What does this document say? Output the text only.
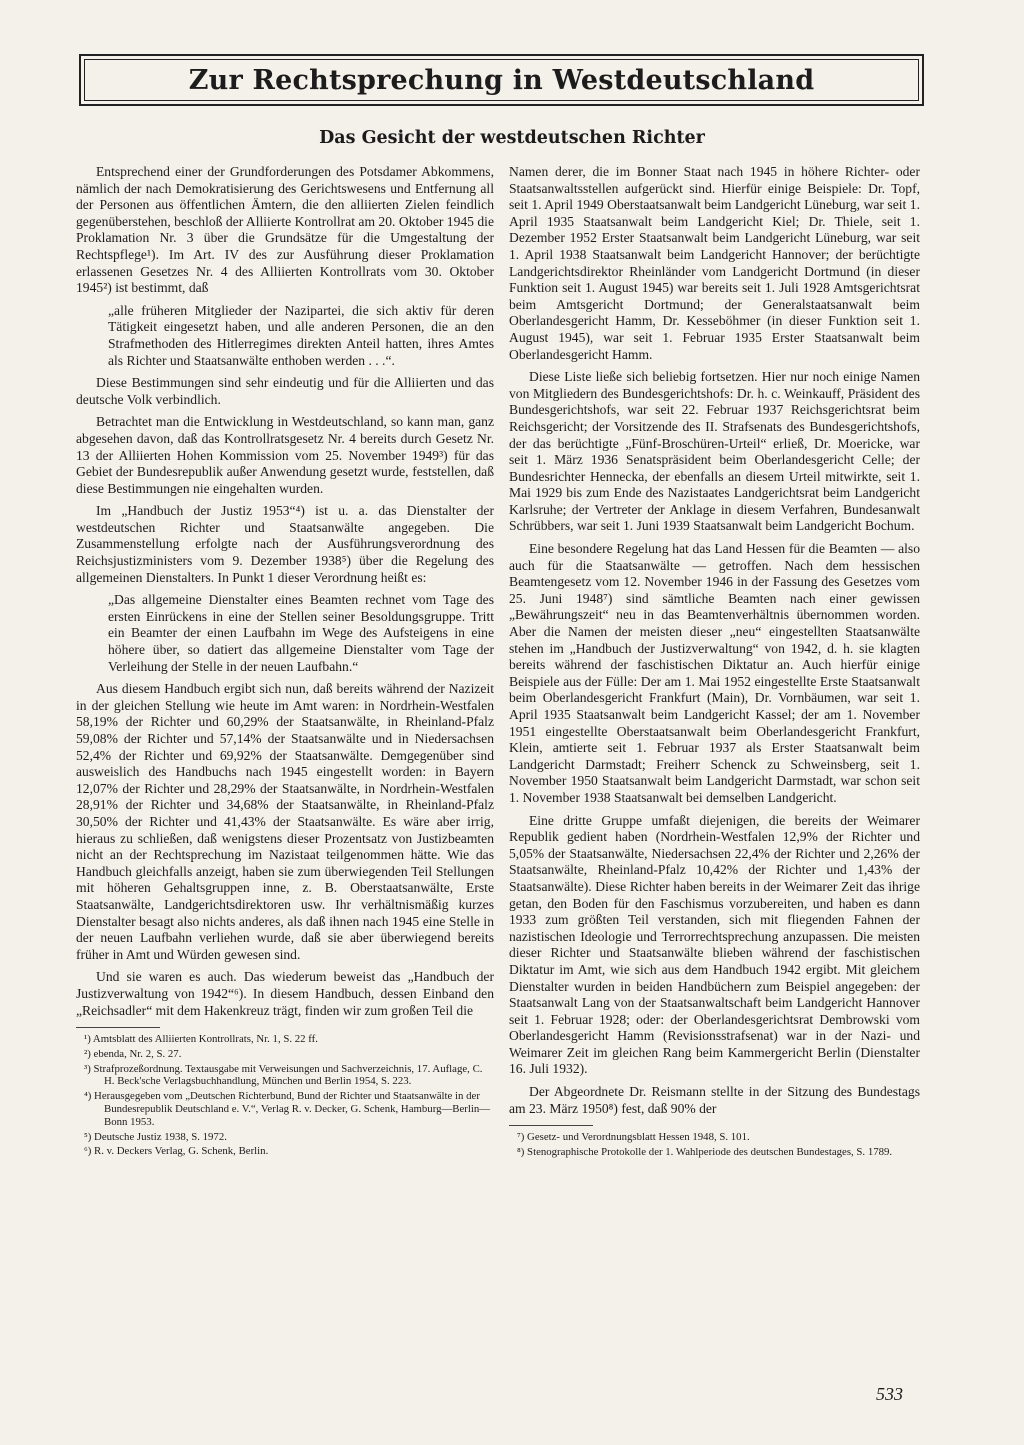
Zur Rechtsprechung in Westdeutschland
Das Gesicht der westdeutschen Richter

Entsprechend einer der Grundforderungen des Potsdamer Abkommens, nämlich der nach Demokratisierung des Gerichtswesens und Entfernung all der Personen aus öffentlichen Ämtern, die den alliierten Zielen feindlich gegenüberstehen, beschloß der Alliierte Kontrollrat am 20. Oktober 1945 die Proklamation Nr. 3 über die Grundsätze für die Umgestaltung der Rechtspflege¹). Im Art. IV des zur Ausführung dieser Proklamation erlassenen Gesetzes Nr. 4 des Alliierten Kontrollrats vom 30. Oktober 1945²) ist bestimmt, daß

„alle früheren Mitglieder der Nazipartei, die sich aktiv für deren Tätigkeit eingesetzt haben, und alle anderen Personen, die an den Strafmethoden des Hitlerregimes direkten Anteil hatten, ihres Amtes als Richter und Staatsanwälte enthoben werden . . .“.

Diese Bestimmungen sind sehr eindeutig und für die Alliierten und das deutsche Volk verbindlich.

Betrachtet man die Entwicklung in Westdeutschland, so kann man, ganz abgesehen davon, daß das Kontrollratsgesetz Nr. 4 bereits durch Gesetz Nr. 13 der Alliierten Hohen Kommission vom 25. November 1949³) für das Gebiet der Bundesrepublik außer Anwendung gesetzt wurde, feststellen, daß diese Bestimmungen nie eingehalten wurden.

Im „Handbuch der Justiz 1953“⁴) ist u. a. das Dienstalter der westdeutschen Richter und Staatsanwälte angegeben. Die Zusammenstellung erfolgte nach der Ausführungsverordnung des Reichsjustizministers vom 9. Dezember 1938⁵) über die Regelung des allgemeinen Dienstalters. In Punkt 1 dieser Verordnung heißt es:

„Das allgemeine Dienstalter eines Beamten rechnet vom Tage des ersten Einrückens in eine der Stellen seiner Besoldungsgruppe. Tritt ein Beamter der einen Laufbahn im Wege des Aufsteigens in eine höhere über, so datiert das allgemeine Dienstalter vom Tage der Verleihung der Stelle in der neuen Laufbahn.“

Aus diesem Handbuch ergibt sich nun, daß bereits während der Nazizeit in der gleichen Stellung wie heute im Amt waren: in Nordrhein-Westfalen 58,19% der Richter und 60,29% der Staatsanwälte, in Rheinland-Pfalz 59,08% der Richter und 57,14% der Staatsanwälte und in Niedersachsen 52,4% der Richter und 69,92% der Staatsanwälte. Demgegenüber sind ausweislich des Handbuchs nach 1945 eingestellt worden: in Bayern 12,07% der Richter und 28,29% der Staatsanwälte, in Nordrhein-Westfalen 28,91% der Richter und 34,68% der Staatsanwälte, in Rheinland-Pfalz 30,50% der Richter und 41,43% der Staatsanwälte. Es wäre aber irrig, hieraus zu schließen, daß wenigstens dieser Prozentsatz von Justizbeamten nicht an der Rechtsprechung im Nazistaat teilgenommen hätte. Wie das Handbuch gleichfalls anzeigt, haben sie zum überwiegenden Teil Stellungen mit höheren Gehaltsgruppen inne, z. B. Oberstaatsanwälte, Erste Staatsanwälte, Landgerichtsdirektoren usw. Ihr verhältnismäßig kurzes Dienstalter besagt also nichts anderes, als daß ihnen nach 1945 eine Stelle in der neuen Laufbahn verliehen wurde, daß sie aber überwiegend bereits früher in Amt und Würden gewesen sind.

Und sie waren es auch. Das wiederum beweist das „Handbuch der Justizverwaltung von 1942“⁶). In diesem Handbuch, dessen Einband den „Reichsadler“ mit dem Hakenkreuz trägt, finden wir zum großen Teil die

¹) Amtsblatt des Alliierten Kontrollrats, Nr. 1, S. 22 ff.
²) ebenda, Nr. 2, S. 27.
³) Strafprozeßordnung. Textausgabe mit Verweisungen und Sachverzeichnis, 17. Auflage, C. H. Beck'sche Verlagsbuchhandlung, München und Berlin 1954, S. 223.
⁴) Herausgegeben vom „Deutschen Richterbund, Bund der Richter und Staatsanwälte in der Bundesrepublik Deutschland e. V.“, Verlag R. v. Decker, G. Schenk, Hamburg—Berlin—Bonn 1953.
⁵) Deutsche Justiz 1938, S. 1972.
⁶) R. v. Deckers Verlag, G. Schenk, Berlin.

Namen derer, die im Bonner Staat nach 1945 in höhere Richter- oder Staatsanwaltsstellen aufgerückt sind. Hierfür einige Beispiele: Dr. Topf, seit 1. April 1949 Oberstaatsanwalt beim Landgericht Lüneburg, war seit 1. April 1935 Staatsanwalt beim Landgericht Kiel; Dr. Thiele, seit 1. Dezember 1952 Erster Staatsanwalt beim Landgericht Lüneburg, war seit 1. April 1938 Staatsanwalt beim Landgericht Hannover; der berüchtigte Landgerichtsdirektor Rheinländer vom Landgericht Dortmund (in dieser Funktion seit 1. August 1945) war bereits seit 1. Juli 1928 Amtsgerichtsrat beim Amtsgericht Dortmund; der Generalstaatsanwalt beim Oberlandesgericht Hamm, Dr. Kesseböhmer (in dieser Funktion seit 1. August 1945), war seit 1. Februar 1935 Erster Staatsanwalt beim Oberlandesgericht Hamm.

Diese Liste ließe sich beliebig fortsetzen. Hier nur noch einige Namen von Mitgliedern des Bundesgerichtshofs: Dr. h. c. Weinkauff, Präsident des Bundesgerichtshofs, war seit 22. Februar 1937 Reichsgerichtsrat beim Reichsgericht; der Vorsitzende des II. Strafsenats des Bundesgerichtshofs, der das berüchtigte „Fünf-Broschüren-Urteil“ erließ, Dr. Moericke, war seit 1. März 1936 Senatspräsident beim Oberlandesgericht Celle; der Bundesrichter Hennecka, der ebenfalls an diesem Urteil mitwirkte, seit 1. Mai 1929 bis zum Ende des Nazistaates Landgerichtsrat beim Landgericht Karlsruhe; der Vertreter der Anklage in diesem Verfahren, Bundesanwalt Schrübbers, war seit 1. Juni 1939 Staatsanwalt beim Landgericht Bochum.

Eine besondere Regelung hat das Land Hessen für die Beamten — also auch für die Staatsanwälte — getroffen. Nach dem hessischen Beamtengesetz vom 12. November 1946 in der Fassung des Gesetzes vom 25. Juni 1948⁷) sind sämtliche Beamten nach einer gewissen „Bewährungszeit“ neu in das Beamtenverhältnis übernommen worden. Aber die Namen der meisten dieser „neu“ eingestellten Staatsanwälte stehen im „Handbuch der Justizverwaltung“ von 1942, d. h. sie klagten bereits während der faschistischen Diktatur an. Auch hierfür einige Beispiele aus der Fülle: Der am 1. Mai 1952 eingestellte Erste Staatsanwalt beim Oberlandesgericht Frankfurt (Main), Dr. Vornbäumen, war seit 1. April 1935 Staatsanwalt beim Landgericht Kassel; der am 1. November 1951 eingestellte Oberstaatsanwalt beim Oberlandesgericht Frankfurt, Klein, amtierte seit 1. Februar 1937 als Erster Staatsanwalt beim Landgericht Darmstadt; Freiherr Schenck zu Schweinsberg, seit 1. November 1950 Staatsanwalt beim Landgericht Darmstadt, war schon seit 1. November 1938 Staatsanwalt bei demselben Landgericht.

Eine dritte Gruppe umfaßt diejenigen, die bereits der Weimarer Republik gedient haben (Nordrhein-Westfalen 12,9% der Richter und 5,05% der Staatsanwälte, Niedersachsen 22,4% der Richter und 2,26% der Staatsanwälte, Rheinland-Pfalz 10,42% der Richter und 1,43% der Staatsanwälte). Diese Richter haben bereits in der Weimarer Zeit das ihrige getan, den Boden für den Faschismus vorzubereiten, und haben es dann 1933 zum größten Teil verstanden, sich mit fliegenden Fahnen der nazistischen Ideologie und Terrorrechtsprechung anzupassen. Die meisten dieser Richter und Staatsanwälte blieben während der faschistischen Diktatur im Amt, wie sich aus dem Handbuch 1942 ergibt. Mit gleichem Dienstalter wurden in beiden Handbüchern zum Beispiel angegeben: der Staatsanwalt Lang von der Staatsanwaltschaft beim Landgericht Hannover seit 1. Februar 1928; oder: der Oberlandesgerichtsrat Dembrowski vom Oberlandesgericht Hamm (Revisionsstrafsenat) war in der Nazi- und Weimarer Zeit im gleichen Rang beim Kammergericht Berlin (Dienstalter 16. Juli 1932).

Der Abgeordnete Dr. Reismann stellte in der Sitzung des Bundestags am 23. März 1950⁸) fest, daß 90% der

⁷) Gesetz- und Verordnungsblatt Hessen 1948, S. 101.
⁸) Stenographische Protokolle der 1. Wahlperiode des deutschen Bundestages, S. 1789.
533
